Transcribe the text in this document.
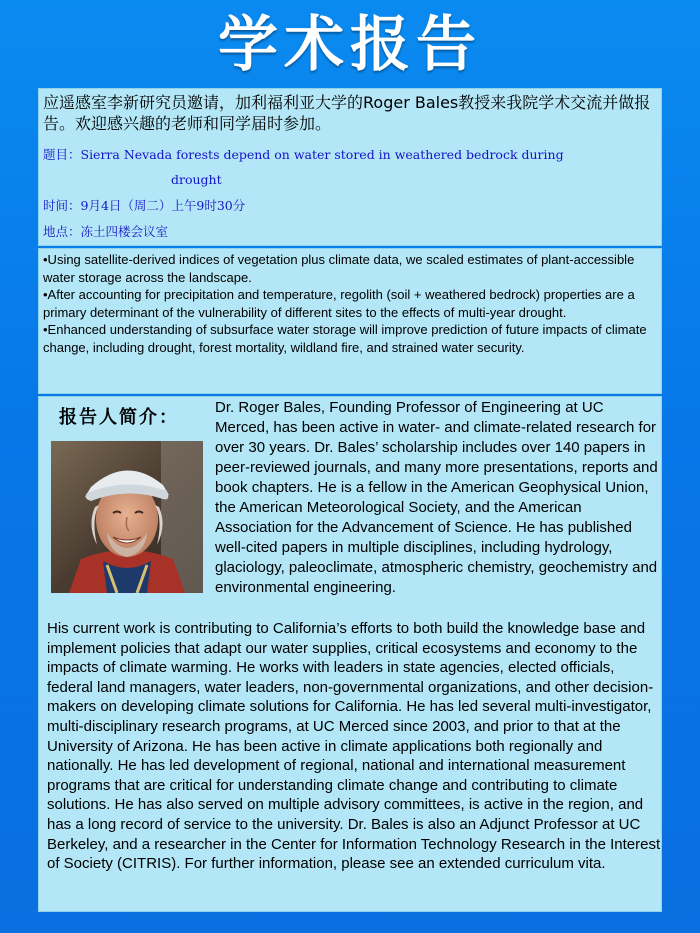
学术报告

应遥感室李新研究员邀请，加利福利亚大学的Roger Bales教授来我院学术交流并做报告。欢迎感兴趣的老师和同学届时参加。

题目：Sierra Nevada forests depend on water stored in weathered bedrock during
drought
时间：9月4日（周二）上午9时30分
地点：冻土四楼会议室

•Using satellite-derived indices of vegetation plus climate data, we scaled estimates of plant-accessible water storage across the landscape.

•After accounting for precipitation and temperature, regolith (soil + weathered bedrock) properties are a primary determinant of the vulnerability of different sites to the effects of multi-year drought.

•Enhanced understanding of subsurface water storage will improve prediction of future impacts of climate change, including drought, forest mortality, wildland fire, and strained water security.

报告人简介： Dr. Roger Bales, Founding Professor of Engineering at UC Merced, has been active in water- and climate-related research for over 30 years. Dr. Bales’ scholarship includes over 140 papers in peer-reviewed journals, and many more presentations, reports and book chapters. He is a fellow in the American Geophysical Union, the American Meteorological Society, and the American Association for the Advancement of Science. He has published well-cited papers in multiple disciplines, including hydrology, glaciology, paleoclimate, atmospheric chemistry, geochemistry and environmental engineering.

His current work is contributing to California’s efforts to both build the knowledge base and implement policies that adapt our water supplies, critical ecosystems and economy to the impacts of climate warming. He works with leaders in state agencies, elected officials, federal land managers, water leaders, non-governmental organizations, and other decision-makers on developing climate solutions for California. He has led several multi-investigator, multi-disciplinary research programs, at UC Merced since 2003, and prior to that at the University of Arizona. He has been active in climate applications both regionally and nationally. He has led development of regional, national and international measurement programs that are critical for understanding climate change and contributing to climate solutions. He has also served on multiple advisory committees, is active in the region, and has a long record of service to the university. Dr. Bales is also an Adjunct Professor at UC Berkeley, and a researcher in the Center for Information Technology Research in the Interest of Society (CITRIS). For further information, please see an extended curriculum vita.
